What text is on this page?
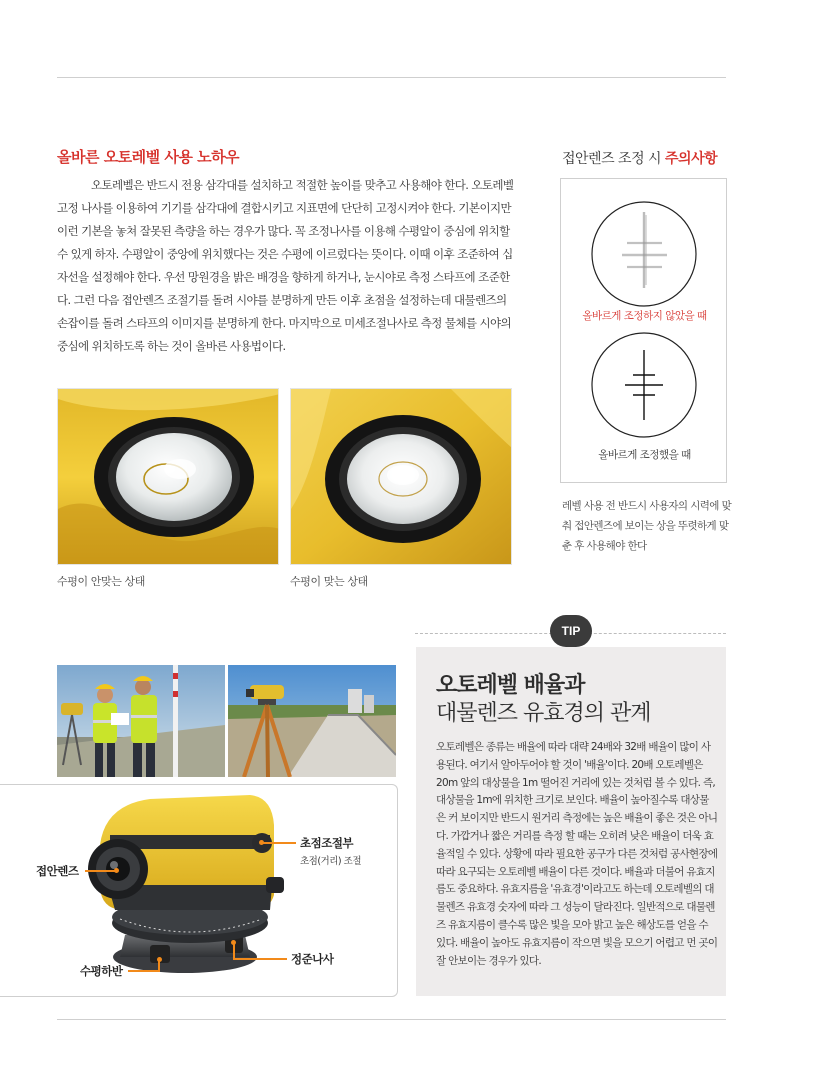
올바른 오토레벨 사용 노하우

오토레벨은 반드시 전용 삼각대를 설치하고 적절한 높이를 맞추고 사용해야 한다. 오토레벨 고정 나사를 이용하여 기기를 삼각대에 결합시키고 지표면에 단단히 고정시켜야 한다. 기본이지만 이런 기본을 놓쳐 잘못된 측량을 하는 경우가 많다. 꼭 조정나사를 이용해 수평알이 중심에 위치할 수 있게 하자. 수평알이 중앙에 위치했다는 것은 수평에 이르렀다는 뜻이다. 이때 이후 조준하여 십자선을 설정해야 한다. 우선 망원경을 밝은 배경을 향하게 하거나, 눈시야로 측정 스타프에 조준한다. 그런 다음 접안렌즈 조절기를 돌려 시야를 분명하게 만든 이후 초점을 설정하는데 대물렌즈의 손잡이를 돌려 스타프의 이미지를 분명하게 한다. 마지막으로 미세조절나사로 측정 물체를 시야의 중심에 위치하도록 하는 것이 올바른 사용법이다.

수평이 안맞는 상태	수평이 맞는 상태
접안렌즈 조정 시 주의사항
올바르게 조정하지 않았을 때
올바르게 조정했을 때
레벨 사용 전 반드시 사용자의 시력에 맞춰 접안렌즈에 보이는 상을 뚜렷하게 맞춘 후 사용해야 한다
TIP
오토레벨 배율과
대물렌즈 유효경의 관계
오토레벨은 종류는 배율에 따라 대략 24배와 32배 배율이 많이 사용된다. 여기서 알아두어야 할 것이 '배율'이다. 20배 오토레벨은 20m 앞의 대상물을 1m 떨어진 거리에 있는 것처럼 볼 수 있다. 즉, 대상물을 1m에 위치한 크기로 보인다. 배율이 높아질수록 대상물은 커 보이지만 반드시 원거리 측정에는 높은 배율이 좋은 것은 아니다. 가깝거나 짧은 거리를 측정 할 때는 오히려 낮은 배율이 더욱 효율적일 수 있다. 상황에 따라 필요한 공구가 다른 것처럼 공사현장에 따라 요구되는 오토레벨 배율이 다른 것이다. 배율과 더불어 유효지름도 중요하다. 유효지름을 '유효경'이라고도 하는데 오토레벨의 대물렌즈 유효경 숫자에 따라 그 성능이 달라진다. 일반적으로 대물렌즈 유효지름이 클수록 많은 빛을 모아 밝고 높은 해상도를 얻을 수 있다. 배율이 높아도 유효지름이 작으면 빛을 모으기 어렵고 먼 곳이 잘 안보이는 경우가 있다.
접안렌즈
초점조절부
초점(거리) 조절
수평하반
정준나사
